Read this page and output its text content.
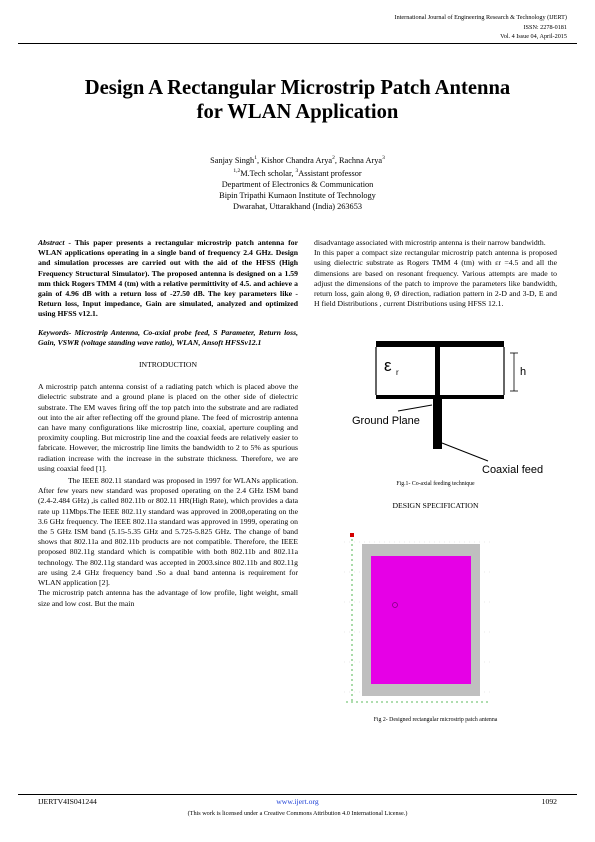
International Journal of Engineering Research & Technology (IJERT)
ISSN: 2278-0181
Vol. 4 Issue 04, April-2015
Design A Rectangular Microstrip Patch Antenna
for WLAN Application
Sanjay Singh$^1$, Kishor Chandra Arya$^2$, Rachna Arya$^3$
$^{1,2}$M.Tech scholar, $^3$Assistant professor
Department of Electronics & Communication
Bipin Tripathi Kumaon Institute of Technology
Dwarahat, Uttarakhand (India) 263653

Abstract - This paper presents a rectangular microstrip patch antenna for WLAN applications operating in a single band of frequency 2.4 GHz. Design and simulation processes are carried out with the aid of the HFSS (High Frequency Structural Simulator). The proposed antenna is designed on a 1.59 mm thick Rogers TMM 4 (tm) with a relative permittivity of 4.5. and achieve a gain of 4.96 dB with a return loss of -27.50 dB. The key parameters like -Return loss, Input impedance, Gain are simulated, analyzed and optimized using HFSS v12.1.

Keywords- Microstrip Antenna, Co-axial probe feed, S Parameter, Return loss, Gain, VSWR (voltage standing wave ratio), WLAN, Ansoft HFSSv12.1

INTRODUCTION

A microstrip patch antenna consist of a radiating patch which is placed above the dielectric substrate and a ground plane is placed on the other side of dielectric substrate. The EM waves firing off the top patch into the substrate and are radiated out into the air after reflecting off the ground plane. The feed of microstrip antenna can have many configurations like microstrip line, coaxial, aperture coupling and proximity coupling. But microstrip line and the coaxial feeds are relatively easier to fabricate. However, the microstrip line limits the bandwidth to 2 to 5% as spurious radiation increase with the increase in the substrate thickness. Therefore, we are using coaxial feed [1].

The IEEE 802.11 standard was proposed in 1997 for WLANs application. After few years new standard was proposed operating on the 2.4 GHz ISM band (2.4-2.484 GHz) ,is called 802.11b or 802.11 HR(High Rate), which provides a data rate up 11Mbps.The IEEE 802.11y standard was approved in 2008,operating on the 3.6 GHz frequency. The IEEE 802.11a standard was approved in 1999, operating on the 5 GHz ISM band (5.15-5.35 GHz and 5.725-5.825 GHz. The change of band shows that 802.11a and 802.11b products are not compatible. Therefore, the IEEE proposed 802.11g standard which is compatible with both 802.11b and 802.11a technology. The 802.11g standard was accepted in 2003.since 802.11b and 802.11g are using 2.4 GHz frequency band .So a dual band antenna is requirement for WLAN application [2].

The microstrip patch antenna has the advantage of low profile, light weight, small size and low cost. But the main

disadvantage associated with microstrip antenna is their narrow bandwidth.

In this paper a compact size rectangular microstrip patch antenna is proposed using dielectric substrate as Rogers TMM 4 (tm) with εr =4.5 and all the dimensions are based on resonant frequency. Various attempts are made to adjust the dimensions of the patch to improve the parameters like bandwidth, return loss, gain along θ, Ø direction, radiation pattern in 2-D and 3-D, E and H field Distributions , current Distributions using HFSS 12.1.

h
ε r
Ground Plane
Coaxial feed
Fig.1- Co-axial feeding technique
DESIGN SPECIFICATION
Fig 2- Designed rectangular microstrip patch antenna
IJERTV4IS041244	www.ijert.org	1092
(This work is licensed under a Creative Commons Attribution 4.0 International License.)
